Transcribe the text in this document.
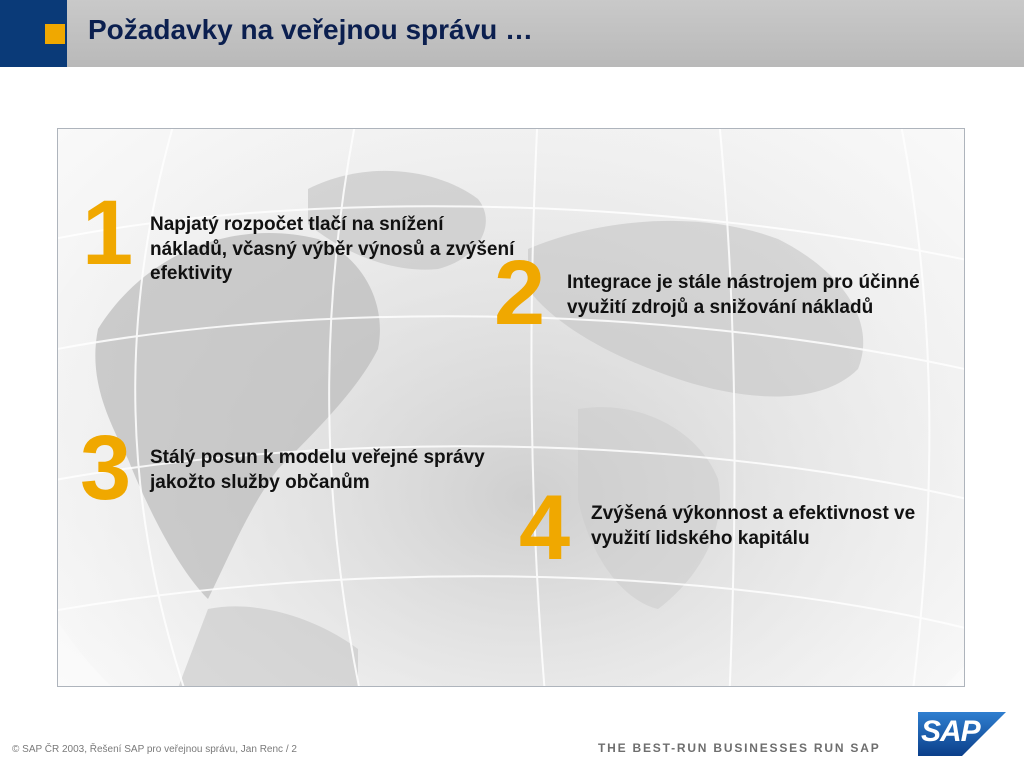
Požadavky na veřejnou správu …

1 Napjatý rozpočet tlačí na snížení nákladů, včasný výběr výnosů a zvýšení efektivity	2 Integrace je stále nástrojem pro účinné využití zdrojů a snižování nákladů

3 Stálý posun k modelu veřejné správy jakožto služby občanům	4 Zvýšená výkonnost a efektivnost ve využití lidského kapitálu

© SAP ČR 2003, Řešení SAP pro veřejnou správu, Jan Renc / 2	THE BEST-RUN BUSINESSES RUN SAP SAP
